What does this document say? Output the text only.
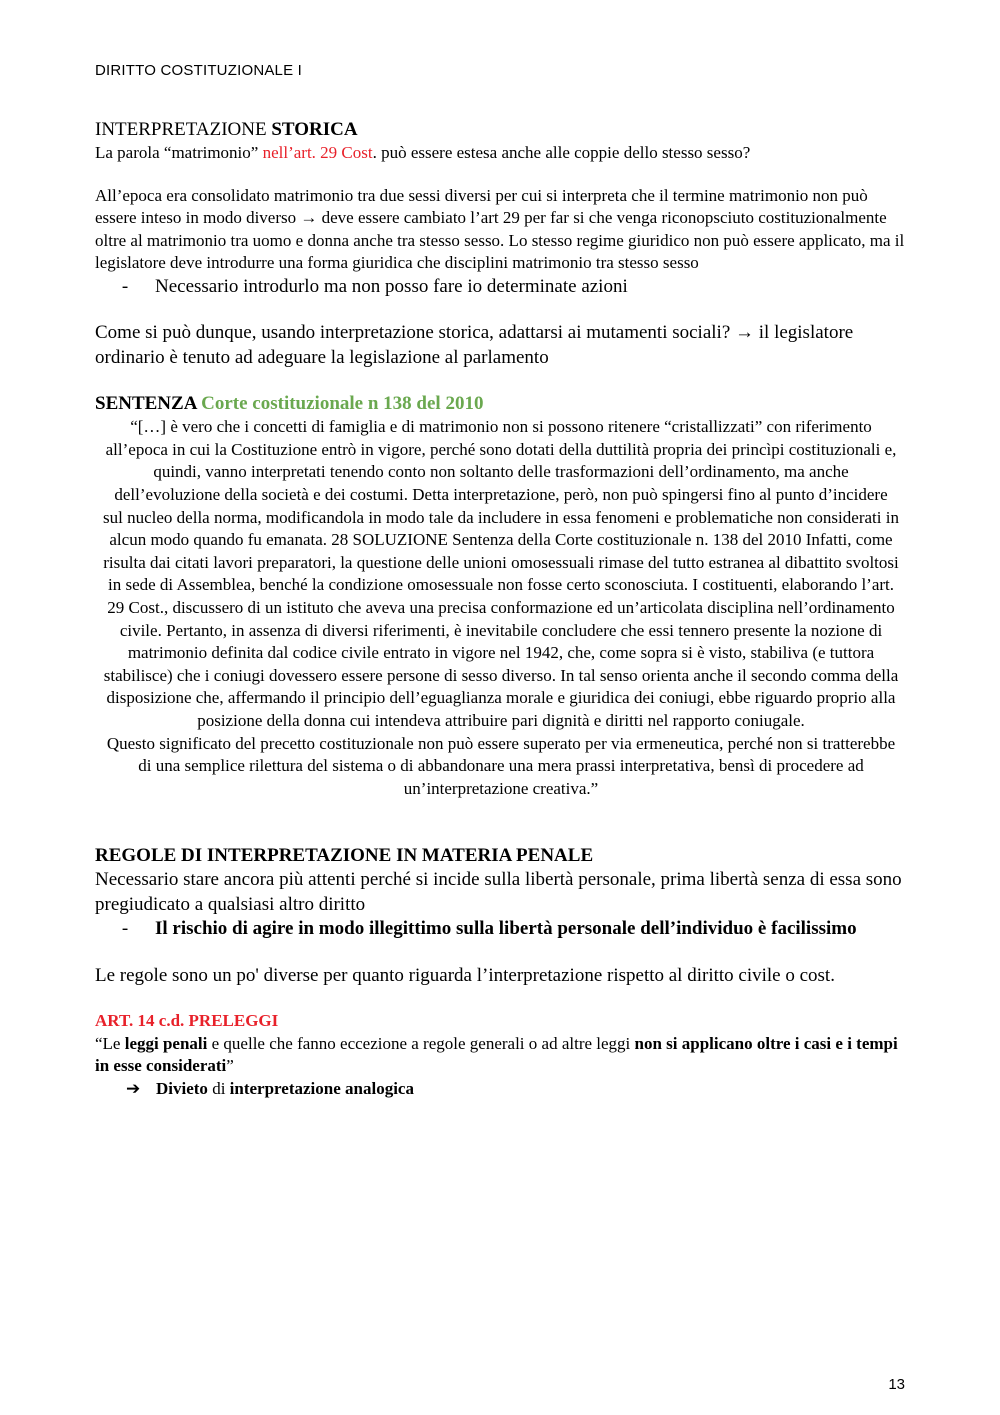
DIRITTO COSTITUZIONALE I

INTERPRETAZIONE STORICA

La parola “matrimonio” nell’art. 29 Cost. può essere estesa anche alle coppie dello stesso sesso?

All’epoca era consolidato matrimonio tra due sessi diversi per cui si interpreta che il termine matrimonio non può essere inteso in modo diverso → deve essere cambiato l’art 29 per far si che venga riconopsciuto costituzionalmente oltre al matrimonio tra uomo e donna anche tra stesso sesso. Lo stesso regime giuridico non può essere applicato, ma il legislatore deve introdurre una forma giuridica che disciplini matrimonio tra stesso sesso

-	Necessario introdurlo ma non posso fare io determinate azioni

Come si può dunque, usando interpretazione storica, adattarsi ai mutamenti sociali? → il legislatore ordinario è tenuto ad adeguare la legislazione al parlamento

SENTENZA Corte costituzionale n 138 del 2010

“[…] è vero che i concetti di famiglia e di matrimonio non si possono ritenere “cristallizzati” con riferimento all’epoca in cui la Costituzione entrò in vigore, perché sono dotati della duttilità propria dei princìpi costituzionali e, quindi, vanno interpretati tenendo conto non soltanto delle trasformazioni dell’ordinamento, ma anche dell’evoluzione della società e dei costumi. Detta interpretazione, però, non può spingersi fino al punto d’incidere sul nucleo della norma, modificandola in modo tale da includere in essa fenomeni e problematiche non considerati in alcun modo quando fu emanata. 28 SOLUZIONE Sentenza della Corte costituzionale n. 138 del 2010 Infatti, come risulta dai citati lavori preparatori, la questione delle unioni omosessuali rimase del tutto estranea al dibattito svoltosi in sede di Assemblea, benché la condizione omosessuale non fosse certo sconosciuta. I costituenti, elaborando l’art. 29 Cost., discussero di un istituto che aveva una precisa conformazione ed un’articolata disciplina nell’ordinamento civile. Pertanto, in assenza di diversi riferimenti, è inevitabile concludere che essi tennero presente la nozione di matrimonio definita dal codice civile entrato in vigore nel 1942, che, come sopra si è visto, stabiliva (e tuttora stabilisce) che i coniugi dovessero essere persone di sesso diverso. In tal senso orienta anche il secondo comma della disposizione che, affermando il principio dell’eguaglianza morale e giuridica dei coniugi, ebbe riguardo proprio alla posizione della donna cui intendeva attribuire pari dignità e diritti nel rapporto coniugale.

Questo significato del precetto costituzionale non può essere superato per via ermeneutica, perché non si tratterebbe di una semplice rilettura del sistema o di abbandonare una mera prassi interpretativa, bensì di procedere ad un’interpretazione creativa.”

REGOLE DI INTERPRETAZIONE IN MATERIA PENALE

Necessario stare ancora più attenti perché si incide sulla libertà personale, prima libertà senza di essa sono pregiudicato a qualsiasi altro diritto

-	Il rischio di agire in modo illegittimo sulla libertà personale dell’individuo è facilissimo

Le regole sono un po' diverse per quanto riguarda l’interpretazione rispetto al diritto civile o cost.

ART. 14 c.d. PRELEGGI

“Le leggi penali e quelle che fanno eccezione a regole generali o ad altre leggi non si applicano oltre i casi e i tempi in esse considerati”

➔ Divieto di interpretazione analogica
13
